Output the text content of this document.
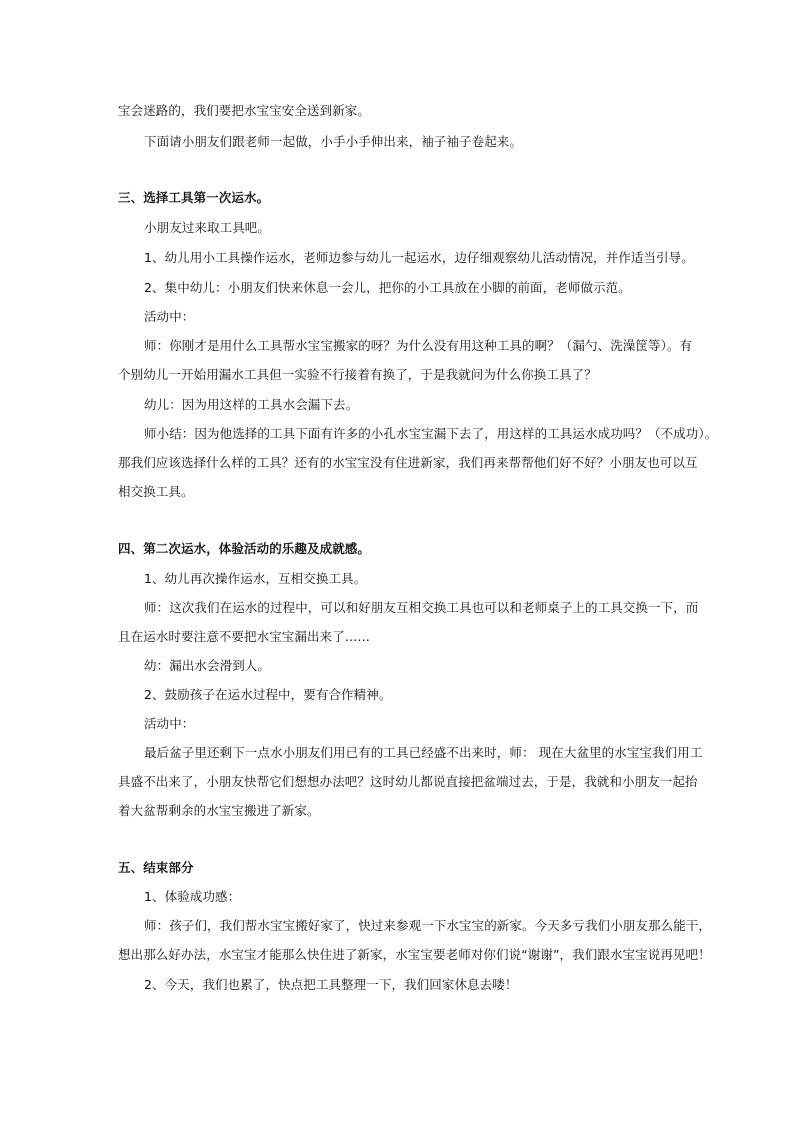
宝会迷路的，我们要把水宝宝安全送到新家。
下面请小朋友们跟老师一起做，小手小手伸出来，袖子袖子卷起来。
三、选择工具第一次运水。
小朋友过来取工具吧。
1、幼儿用小工具操作运水，老师边参与幼儿一起运水，边仔细观察幼儿活动情况，并作适当引导。
2、集中幼儿：小朋友们快来休息一会儿，把你的小工具放在小脚的前面，老师做示范。
活动中：
师：你刚才是用什么工具帮水宝宝搬家的呀？为什么没有用这种工具的啊？（漏勺、洗澡筐等）。有
个别幼儿一开始用漏水工具但一实验不行接着有换了，于是我就问为什么你换工具了？
幼儿：因为用这样的工具水会漏下去。
师小结：因为他选择的工具下面有许多的小孔水宝宝漏下去了，用这样的工具运水成功吗？（不成功）。
那我们应该选择什么样的工具？还有的水宝宝没有住进新家，我们再来帮帮他们好不好？小朋友也可以互
相交换工具。
四、第二次运水，体验活动的乐趣及成就感。
1、幼儿再次操作运水，互相交换工具。
师：这次我们在运水的过程中，可以和好朋友互相交换工具也可以和老师桌子上的工具交换一下，而
且在运水时要注意不要把水宝宝漏出来了……
幼：漏出水会滑到人。
2、鼓励孩子在运水过程中，要有合作精神。
活动中：
最后盆子里还剩下一点水小朋友们用已有的工具已经盛不出来时，师： 现在大盆里的水宝宝我们用工
具盛不出来了，小朋友快帮它们想想办法吧？这时幼儿都说直接把盆端过去，于是，我就和小朋友一起抬
着大盆帮剩余的水宝宝搬进了新家。
五、结束部分
1、体验成功感：
师：孩子们，我们帮水宝宝搬好家了，快过来参观一下水宝宝的新家。今天多亏我们小朋友那么能干，
想出那么好办法，水宝宝才能那么快住进了新家，水宝宝要老师对你们说“谢谢”，我们跟水宝宝说再见吧！
2、今天，我们也累了，快点把工具整理一下，我们回家休息去喽！
